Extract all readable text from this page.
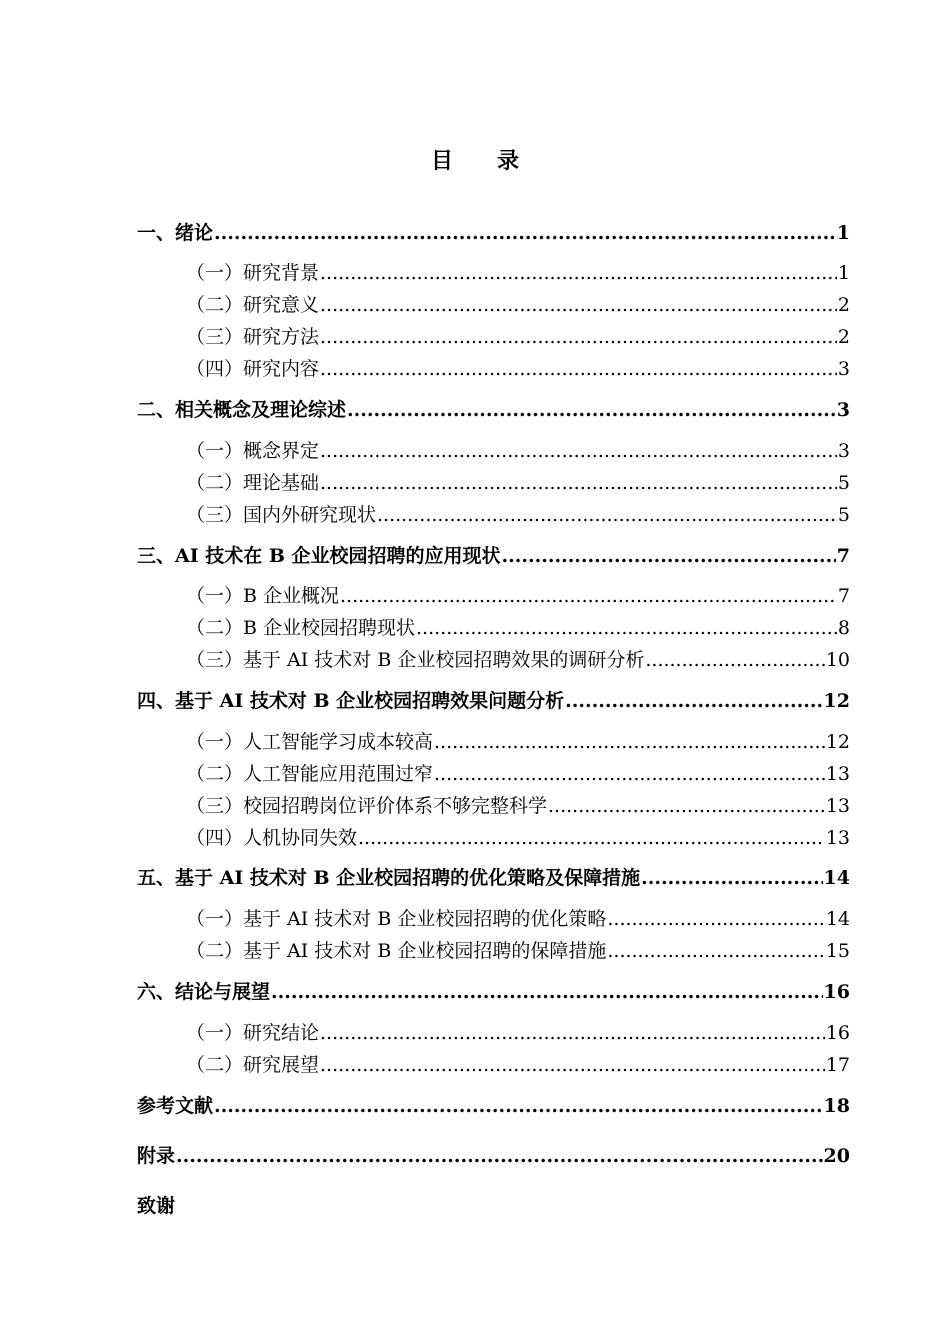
目 录
一、绪论 .....	1
（一）研究背景 .....	1
（二）研究意义 .....	2
（三）研究方法 .....	2
（四）研究内容 .....	3
二、相关概念及理论综述 .....	3
（一）概念界定 .....	3
（二）理论基础 .....	5
（三）国内外研究现状 .....	5
三、AI 技术在 B 企业校园招聘的应用现状 .....	7
（一）B 企业概况 .....	7
（二）B 企业校园招聘现状 .....	8
（三）基于 AI 技术对 B 企业校园招聘效果的调研分析 .....	10
四、基于 AI 技术对 B 企业校园招聘效果问题分析 .....	12
（一）人工智能学习成本较高 .....	12
（二）人工智能应用范围过窄 .....	13
（三）校园招聘岗位评价体系不够完整科学 .....	13
（四）人机协同失效 .....	13
五、基于 AI 技术对 B 企业校园招聘的优化策略及保障措施 .....	14
（一）基于 AI 技术对 B 企业校园招聘的优化策略 .....	14
（二）基于 AI 技术对 B 企业校园招聘的保障措施 .....	15
六、结论与展望 .....	16
（一）研究结论 .....	16
（二）研究展望 .....	17
参考文献 .....	18
附录 .....	20
致谢
